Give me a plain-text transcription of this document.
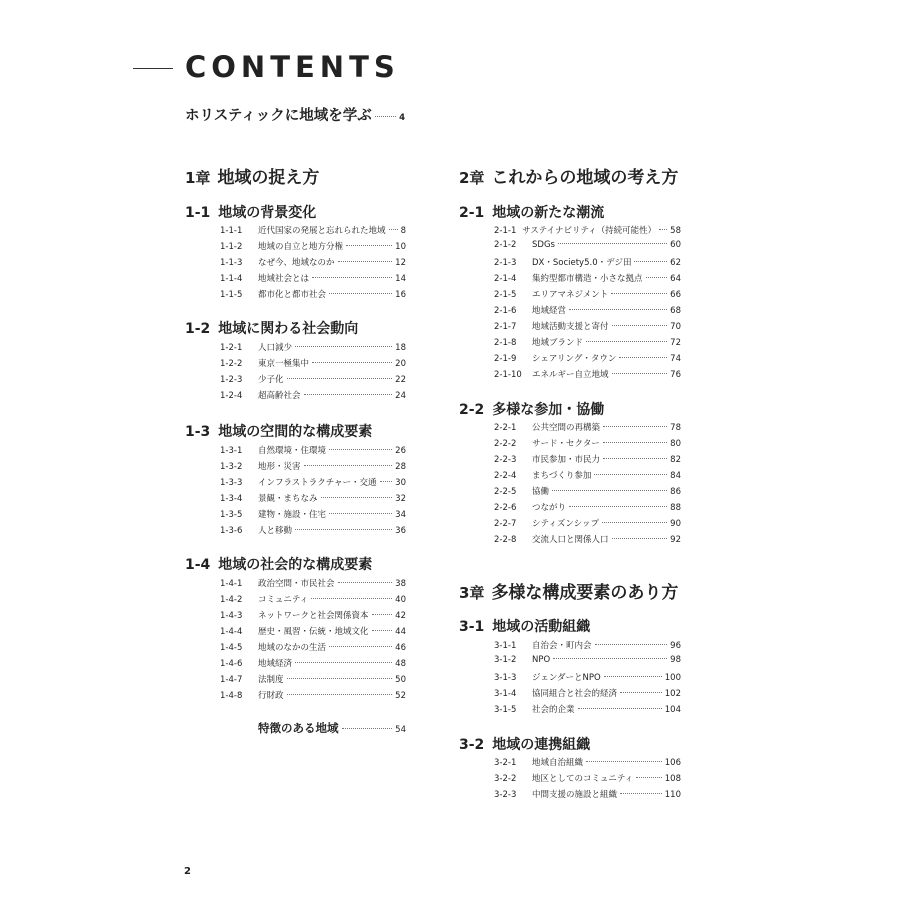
CONTENTS
ホリスティックに地域を学ぶ	4
1章 地域の捉え方	2章 これからの地域の考え方
3章 多様な構成要素のあり方
1-1 地域の背景変化
1-1-1	近代国家の発展と忘れられた地域 8
1-1-2	地域の自立と地方分権	10
1-1-3	なぜ今、地域なのか	12
1-1-4	地域社会とは	14
1-1-5	都市化と都市社会	16
1-2 地域に関わる社会動向
1-2-1	人口減少	18
1-2-2	東京一極集中	20
1-2-3	少子化	22
1-2-4	超高齢社会	24
1-3 地域の空間的な構成要素
1-3-1	自然環境・住環境	26
1-3-2	地形・災害	28
1-3-3	インフラストラクチャー・交通 30
1-3-4	景観・まちなみ	32
1-3-5	建物・施設・住宅	34
1-3-6	人と移動	36
1-4 地域の社会的な構成要素
1-4-1	政治空間・市民社会	38
1-4-2	コミュニティ	40
1-4-3	ネットワークと社会関係資本	42
1-4-4	歴史・風習・伝統・地域文化	44
1-4-5	地域のなかの生活	46
1-4-6	地域経済	48
1-4-7	法制度	50
1-4-8	行財政	52
特徴のある地域	54
2-1 地域の新たな潮流
2-1-1 サステイナビリティ（持続可能性） 58
2-1-2	SDGs	60
2-1-3	DX・Society5.0・デジ田	62
2-1-4	集約型都市構造・小さな拠点	64
2-1-5	エリアマネジメント	66
2-1-6	地域経営	68
2-1-7	地域活動支援と寄付	70
2-1-8	地域ブランド	72
2-1-9	シェアリング・タウン	74
2-1-10	エネルギー自立地域	76
2-2 多様な参加・協働
2-2-1	公共空間の再構築	78
2-2-2	サード・セクター	80
2-2-3	市民参加・市民力	82
2-2-4	まちづくり参加	84
2-2-5	協働	86
2-2-6	つながり	88
2-2-7	シティズンシップ	90
2-2-8	交流人口と関係人口	92
3-1 地域の活動組織
3-1-1	自治会・町内会	96
3-1-2	NPO	98
3-1-3	ジェンダーとNPO	100
3-1-4	協同組合と社会的経済	102
3-1-5	社会的企業	104
3-2 地域の連携組織
3-2-1	地域自治組織	106
3-2-2	地区としてのコミュニティ	108
3-2-3	中間支援の施設と組織	110
2
